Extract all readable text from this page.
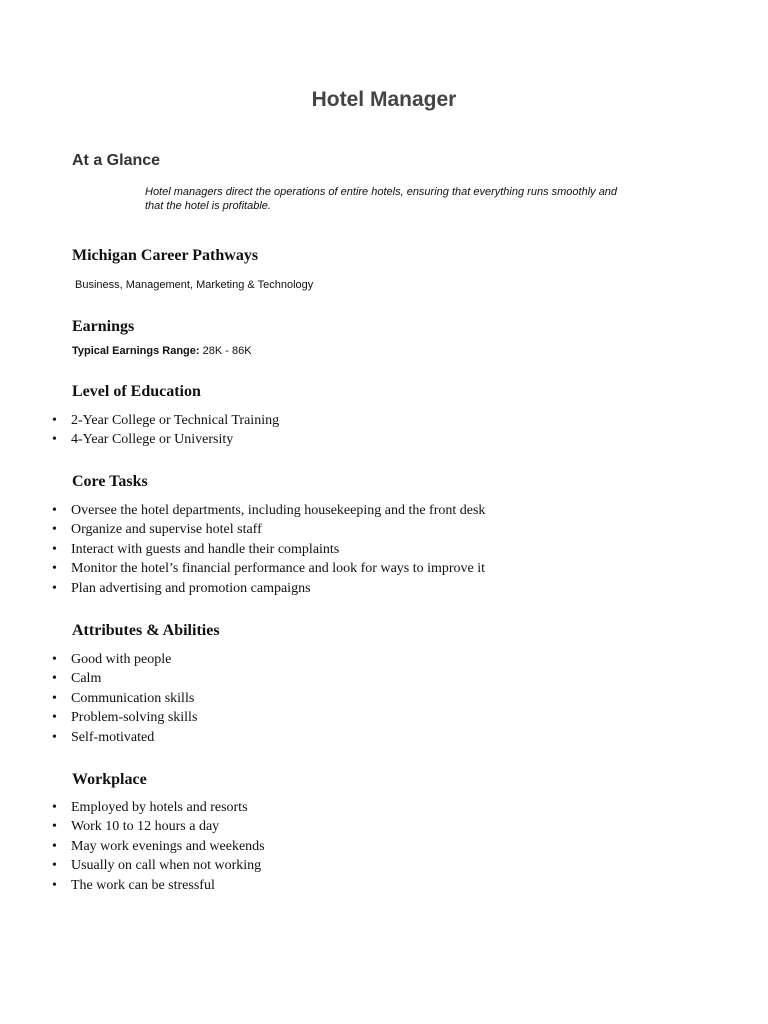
Hotel Manager
At a Glance

Hotel managers direct the operations of entire hotels, ensuring that everything runs smoothly and that the hotel is profitable.

Michigan Career Pathways

Business, Management, Marketing & Technology

Earnings

Typical Earnings Range: 28K - 86K

Level of Education
• 2-Year College or Technical Training
• 4-Year College or University
Core Tasks
• Oversee the hotel departments, including housekeeping and the front desk
• Organize and supervise hotel staff
• Interact with guests and handle their complaints
• Monitor the hotel’s financial performance and look for ways to improve it
• Plan advertising and promotion campaigns
Attributes & Abilities
• Good with people
• Calm
• Communication skills
• Problem-solving skills
• Self-motivated
Workplace
• Employed by hotels and resorts
• Work 10 to 12 hours a day
• May work evenings and weekends
• Usually on call when not working
• The work can be stressful
